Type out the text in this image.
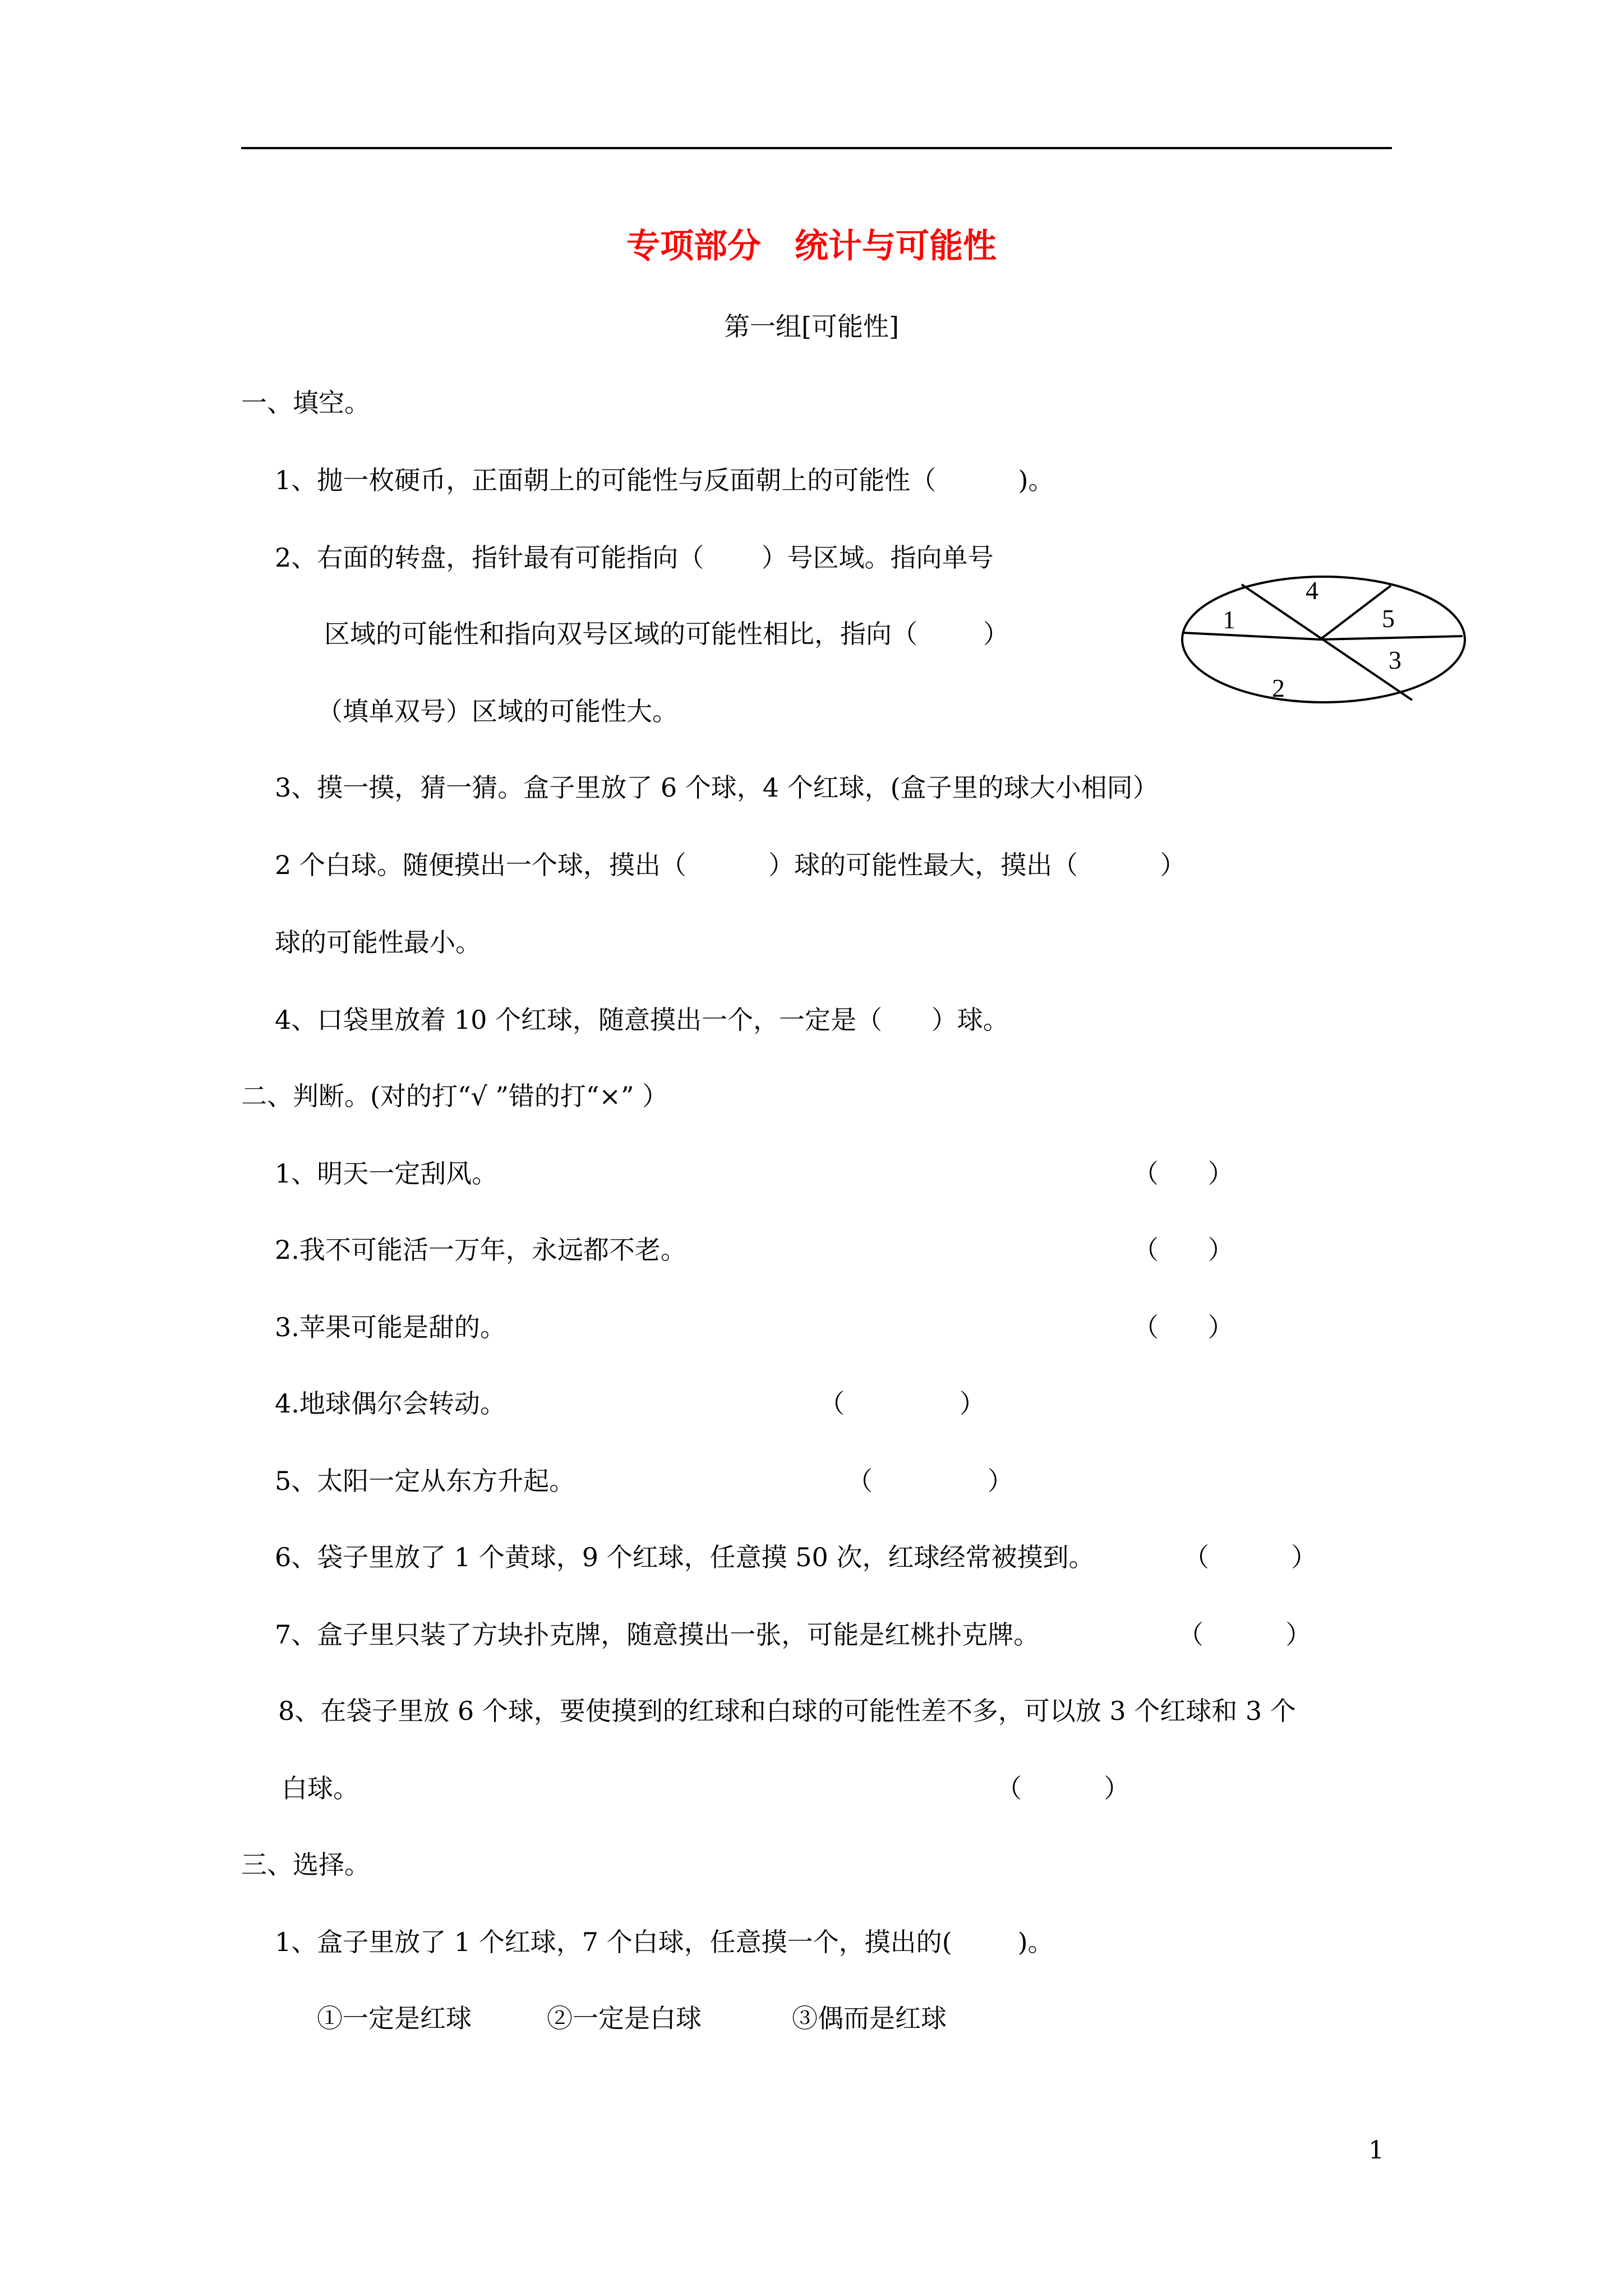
专项部分　统计与可能性
第一组[可能性]
一、填空。
1、抛一枚硬币，正面朝上的可能性与反面朝上的可能性（          )。
2、右面的转盘，指针最有可能指向（       ）号区域。指向单号
区域的可能性和指向双号区域的可能性相比，指向（        ）
（填单双号）区域的可能性大。
1
2
3
4
5
3、摸一摸，猜一猜。盒子里放了 6 个球，4 个红球，(盒子里的球大小相同）
2 个白球。随便摸出一个球，摸出（          ）球的可能性最大，摸出（          ）
球的可能性最小。
4、口袋里放着 10 个红球，随意摸出一个，一定是（      ）球。
二、判断。(对的打“√ ”错的打“×” ）
1、明天一定刮风。	（      ）
2.我不可能活一万年，永远都不老。	（      ）
3.苹果可能是甜的。	（      ）
4.地球偶尔会转动。	（              ）
5、太阳一定从东方升起。	（              ）
6、袋子里放了 1 个黄球，9 个红球，任意摸 50 次，红球经常被摸到。	（          ）
7、盒子里只装了方块扑克牌，随意摸出一张，可能是红桃扑克牌。	（          ）
8、在袋子里放 6 个球，要使摸到的红球和白球的可能性差不多，可以放 3 个红球和 3 个
白球。	（          ）
三、选择。
1、盒子里放了 1 个红球，7 个白球，任意摸一个，摸出的(        )。
①一定是红球	②一定是白球	③偶而是红球
1
